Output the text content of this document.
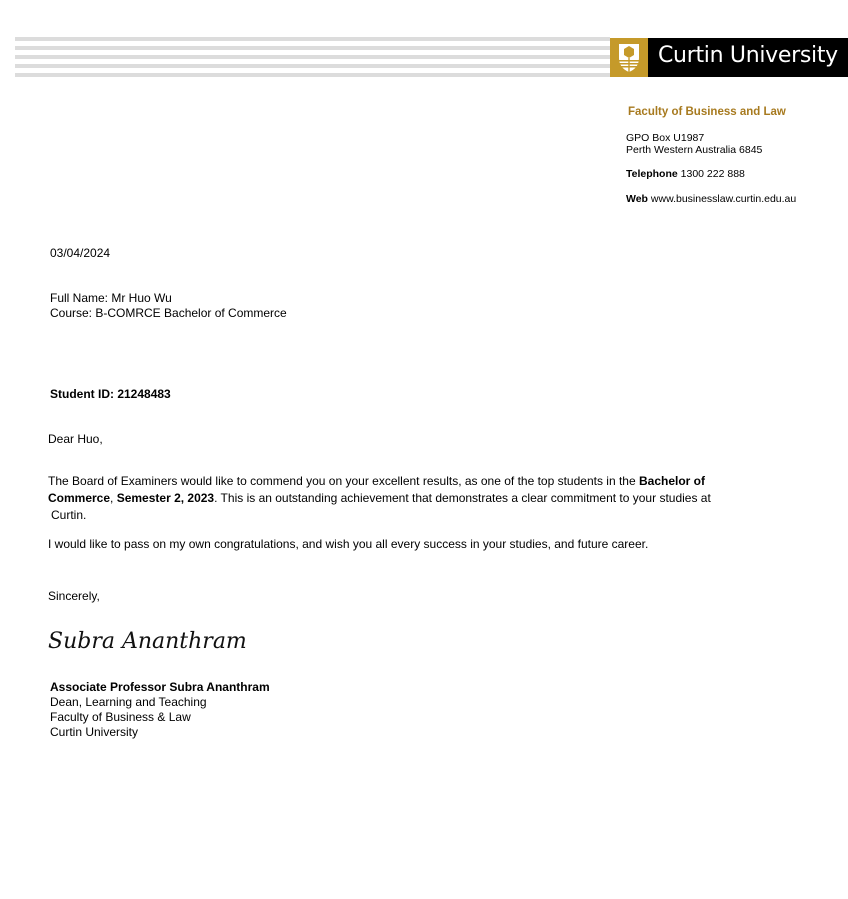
Curtin University
Faculty of Business and Law
GPO Box U1987
Perth Western Australia 6845
Telephone 1300 222 888
Web www.businesslaw.curtin.edu.au
03/04/2024
Full Name: Mr Huo Wu
Course: B-COMRCE Bachelor of Commerce
Student ID: 21248483
Dear Huo,
The Board of Examiners would like to commend you on your excellent results, as one of the top students in the Bachelor of
Commerce, Semester 2, 2023. This is an outstanding achievement that demonstrates a clear commitment to your studies at
Curtin.
I would like to pass on my own congratulations, and wish you all every success in your studies, and future career.
Sincerely,
Subra Ananthram
Associate Professor Subra Ananthram
Dean, Learning and Teaching
Faculty of Business & Law
Curtin University
